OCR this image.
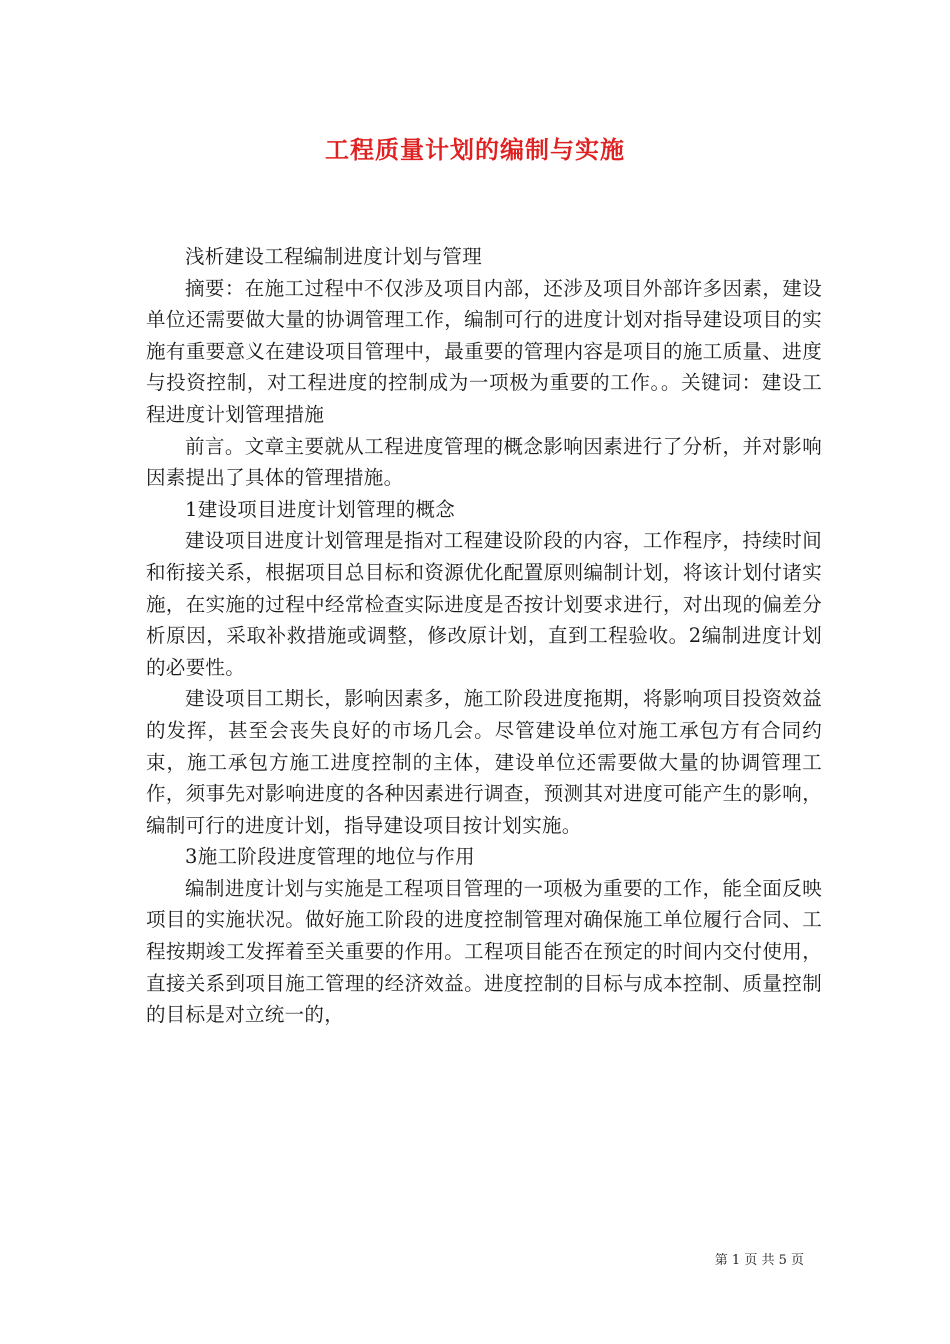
工程质量计划的编制与实施

浅析建设工程编制进度计划与管理

摘要：在施工过程中不仅涉及项目内部，还涉及项目外部许多因素，建设单位还需要做大量的协调管理工作，编制可行的进度计划对指导建设项目的实施有重要意义在建设项目管理中，最重要的管理内容是项目的施工质量、进度与投资控制，对工程进度的控制成为一项极为重要的工作。。关键词：建设工程进度计划管理措施

前言。文章主要就从工程进度管理的概念影响因素进行了分析，并对影响因素提出了具体的管理措施。

1建设项目进度计划管理的概念

建设项目进度计划管理是指对工程建设阶段的内容，工作程序，持续时间和衔接关系，根据项目总目标和资源优化配置原则编制计划，将该计划付诸实施，在实施的过程中经常检查实际进度是否按计划要求进行，对出现的偏差分析原因，采取补救措施或调整，修改原计划，直到工程验收。2编制进度计划的必要性。

建设项目工期长，影响因素多，施工阶段进度拖期，将影响项目投资效益的发挥，甚至会丧失良好的市场几会。尽管建设单位对施工承包方有合同约束，施工承包方施工进度控制的主体，建设单位还需要做大量的协调管理工作，须事先对影响进度的各种因素进行调查，预测其对进度可能产生的影响，编制可行的进度计划，指导建设项目按计划实施。

3施工阶段进度管理的地位与作用

编制进度计划与实施是工程项目管理的一项极为重要的工作，能全面反映项目的实施状况。做好施工阶段的进度控制管理对确保施工单位履行合同、工程按期竣工发挥着至关重要的作用。工程项目能否在预定的时间内交付使用，直接关系到项目施工管理的经济效益。进度控制的目标与成本控制、质量控制的目标是对立统一的，

第 1 页 共 5 页
